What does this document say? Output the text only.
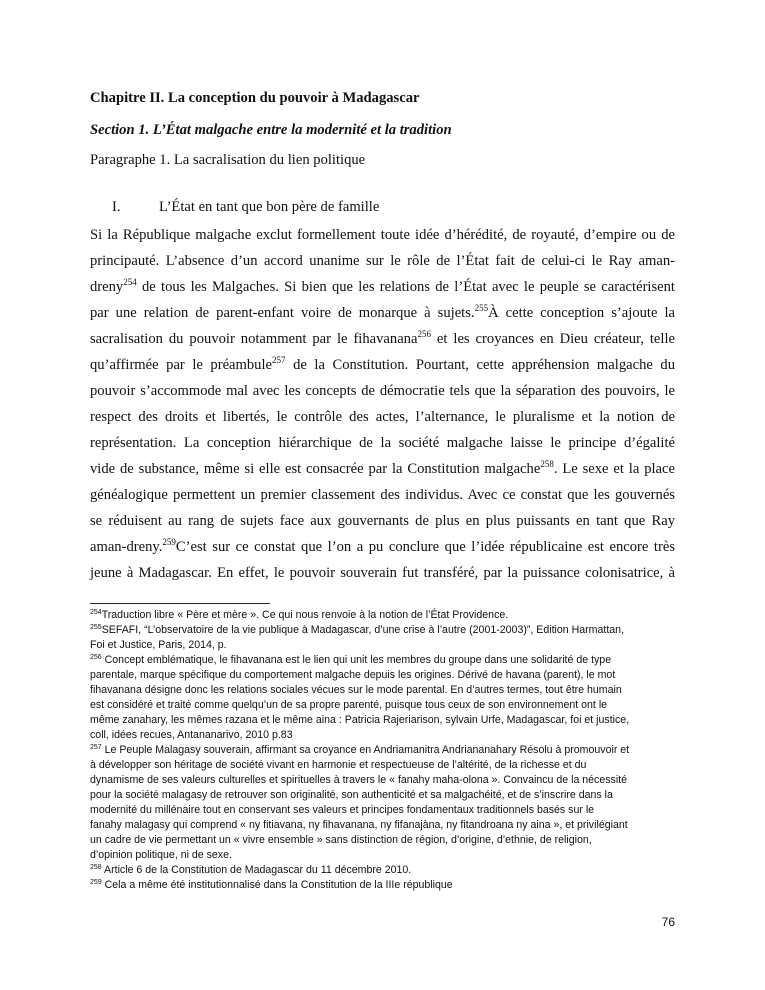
Chapitre II. La conception du pouvoir à Madagascar
Section 1. L’État malgache entre la modernité et la tradition
Paragraphe 1. La sacralisation du lien politique
I.	L’État en tant que bon père de famille
Si la République malgache exclut formellement toute idée d’hérédité, de royauté, d’empire ou de
principauté. L’absence d’un accord unanime sur le rôle de l’État fait de celui-ci le Ray aman-
dreny$^{254}$ de tous les Malgaches. Si bien que les relations de l’État avec le peuple se caractérisent
par une relation de parent-enfant voire de monarque à sujets.$^{255}$À cette conception s’ajoute la
sacralisation du pouvoir notamment par le fihavanana$^{256}$ et les croyances en Dieu créateur, telle
qu’affirmée par le préambule$^{257}$ de la Constitution. Pourtant, cette appréhension malgache du
pouvoir s’accommode mal avec les concepts de démocratie tels que la séparation des pouvoirs, le
respect des droits et libertés, le contrôle des actes, l’alternance, le pluralisme et la notion de
représentation. La conception hiérarchique de la société malgache laisse le principe d’égalité
vide de substance, même si elle est consacrée par la Constitution malgache$^{258}$. Le sexe et la place
généalogique permettent un premier classement des individus. Avec ce constat que les gouvernés
se réduisent au rang de sujets face aux gouvernants de plus en plus puissants en tant que Ray
aman-dreny.$^{259}$C’est sur ce constat que l’on a pu conclure que l’idée républicaine est encore très
jeune à Madagascar. En effet, le pouvoir souverain fut transféré, par la puissance colonisatrice, à
$^{254}$Traduction libre « Père et mère ». Ce qui nous renvoie à la notion de l’État Providence.
$^{255}$SEFAFI, “L’observatoire de la vie publique à Madagascar, d’une crise à l’autre (2001-2003)”, Edition Harmattan,
Foi et Justice, Paris, 2014, p.
$^{256}$ Concept emblématique, le fihavanana est le lien qui unit les membres du groupe dans une solidarité de type
parentale, marque spécifique du comportement malgache depuis les origines. Dérivé de havana (parent), le mot
fihavanana désigne donc les relations sociales vécues sur le mode parental. En d’autres termes, tout être humain
est considéré et traité comme quelqu’un de sa propre parenté, puisque tous ceux de son environnement ont le
même zanahary, les mêmes razana et le même aina : Patricia Rajeriarison, sylvain Urfe, Madagascar, foi et justice,
coll, idées recues, Antananarivo, 2010 p.83
$^{257}$ Le Peuple Malagasy souverain, affirmant sa croyance en Andriamanitra Andriananahary Résolu à promouvoir et
à développer son héritage de société vivant en harmonie et respectueuse de l’altérité, de la richesse et du
dynamisme de ses valeurs culturelles et spirituelles à travers le « fanahy maha-olona ». Convaincu de la nécessité
pour la société malagasy de retrouver son originalité, son authenticité et sa malgachéité, et de s’inscrire dans la
modernité du millénaire tout en conservant ses valeurs et principes fondamentaux traditionnels basés sur le
fanahy malagasy qui comprend « ny fitiavana, ny fihavanana, ny fifanajàna, ny fitandroana ny aina », et privilégiant
un cadre de vie permettant un « vivre ensemble » sans distinction de région, d’origine, d’ethnie, de religion,
d’opinion politique, ni de sexe.
$^{258}$ Article 6 de la Constitution de Madagascar du 11 décembre 2010.
$^{259}$ Cela a même été institutionnalisé dans la Constitution de la IIIe république
76
